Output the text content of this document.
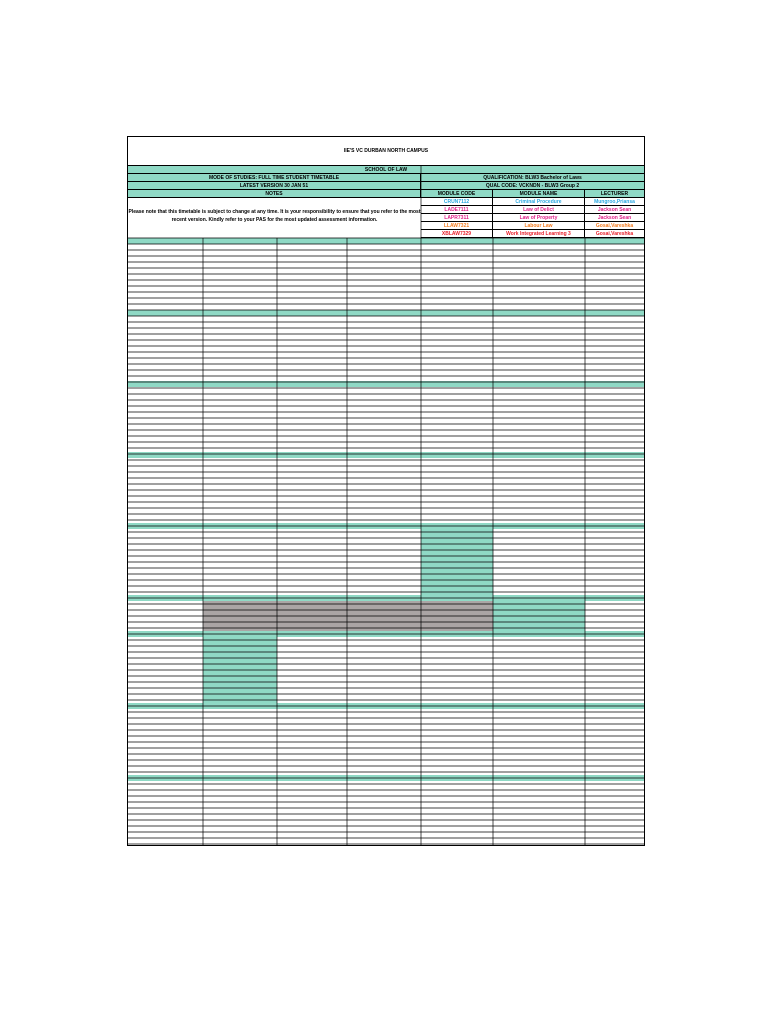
IIE'S VC DURBAN NORTH CAMPUS
SCHOOL OF LAW
MODE OF STUDIES: FULL TIME STUDENT TIMETABLE
LATEST VERSION 30 JAN 51
NOTES
QUALIFICATION: BLW3 Bachelor of Laws
QUAL CODE: VCKNDN - BLW3 Group 2
MODULE CODE	MODULE NAME	LECTURER
CRUN7112	Criminal Procedure	Mungroo,Priansa
LADE7111	Law of Delict	Jackson Sean
LAPR7311	Law of Property	Jackson Sean
LLAW7321	Labour Law	Gosai,Vareshka
XBLAW7329	Work Integrated Learning 3	Gosai,Vareshka
Please note that this timetable is subject to change at any time. It is your responsibility to ensure that you refer to the most recent version. Kindly refer to your PAS for the most updated assessment information.
